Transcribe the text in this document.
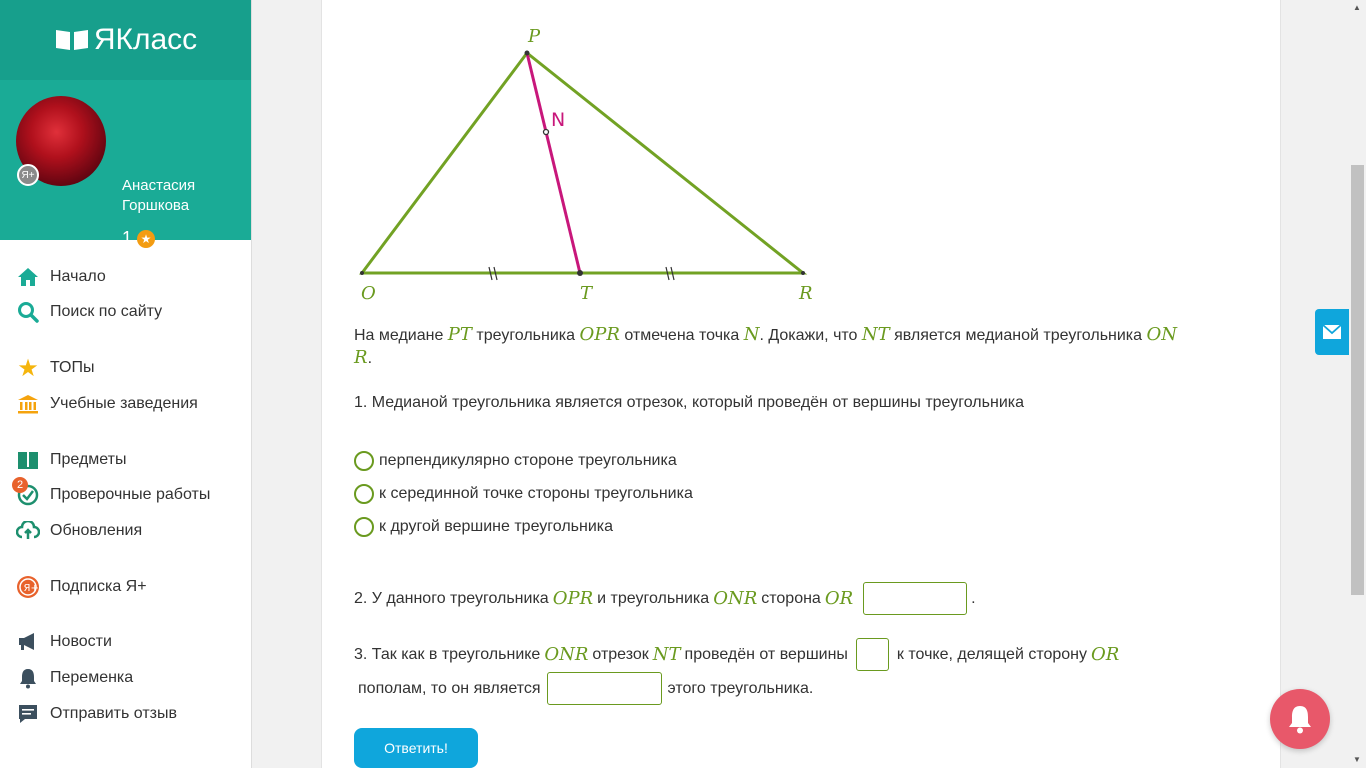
ЯКласс
Анастасия Горшкова
1 ★
◉ Мой профиль
◧ Выйти
Я+
Начало
Поиск по сайту
★ ТОПы
Учебные заведения
Предметы
2
Проверочные работы
Обновления
Я+ Подписка Я+
Новости
Переменка
Отправить отзыв
P
N
O	T	R
На медиане PT треугольника OPR отмечена точка N. Докажи, что NT является медианой треугольника ON
R.
1. Медианой треугольника является отрезок, который проведён от вершины треугольника
перпендикулярно стороне треугольника
к серединной точке стороны треугольника
к другой вершине треугольника
2. У данного треугольника OPR и треугольника ONR сторона OR	.
3. Так как в треугольнике ONR отрезок NT проведён от вершины	к точке, делящей сторону OR
пополам, то он является	этого треугольника.
Ответить!
▲
▼
